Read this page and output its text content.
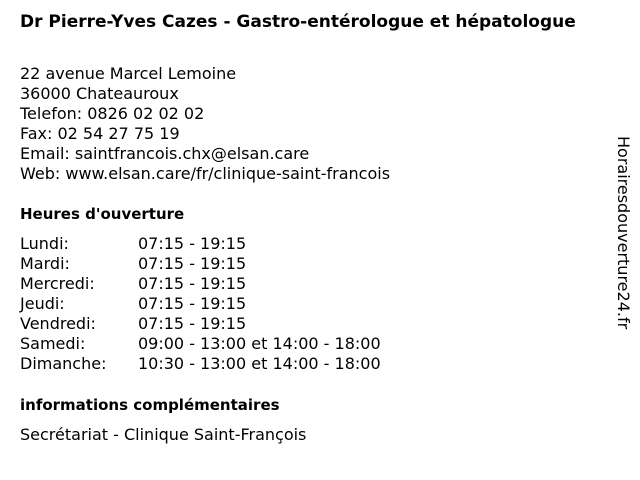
Dr Pierre-Yves Cazes - Gastro-entérologue et hépatologue
22 avenue Marcel Lemoine
36000 Chateauroux
Telefon: 0826 02 02 02
Fax: 02 54 27 75 19
Email: saintfrancois.chx@elsan.care
Web: www.elsan.care/fr/clinique-saint-francois
Heures d'ouverture
Lundi:	07:15 - 19:15
Mardi:	07:15 - 19:15
Mercredi:	07:15 - 19:15
Jeudi:	07:15 - 19:15
Vendredi:	07:15 - 19:15
Samedi:	09:00 - 13:00 et 14:00 - 18:00
Dimanche:	10:30 - 13:00 et 14:00 - 18:00
informations complémentaires
Secrétariat - Clinique Saint-François
Horairesdouverture24.fr
